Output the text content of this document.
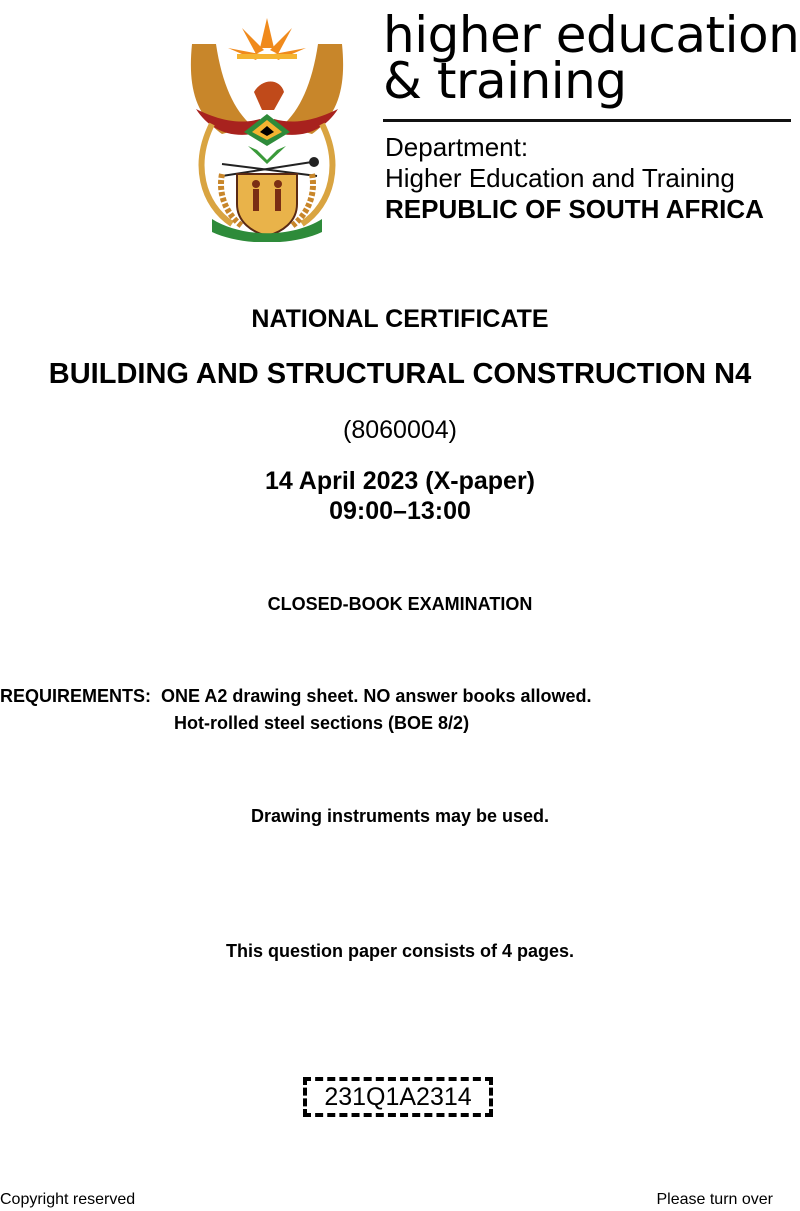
higher education
& training
Department:
Higher Education and Training
REPUBLIC OF SOUTH AFRICA
NATIONAL CERTIFICATE
BUILDING AND STRUCTURAL CONSTRUCTION N4
(8060004)
14 April 2023 (X-paper)
09:00–13:00
CLOSED-BOOK EXAMINATION
REQUIREMENTS: ONE A2 drawing sheet. NO answer books allowed.
Hot-rolled steel sections (BOE 8/2)
Drawing instruments may be used.
This question paper consists of 4 pages.
231Q1A2314
Copyright reserved	Please turn over
